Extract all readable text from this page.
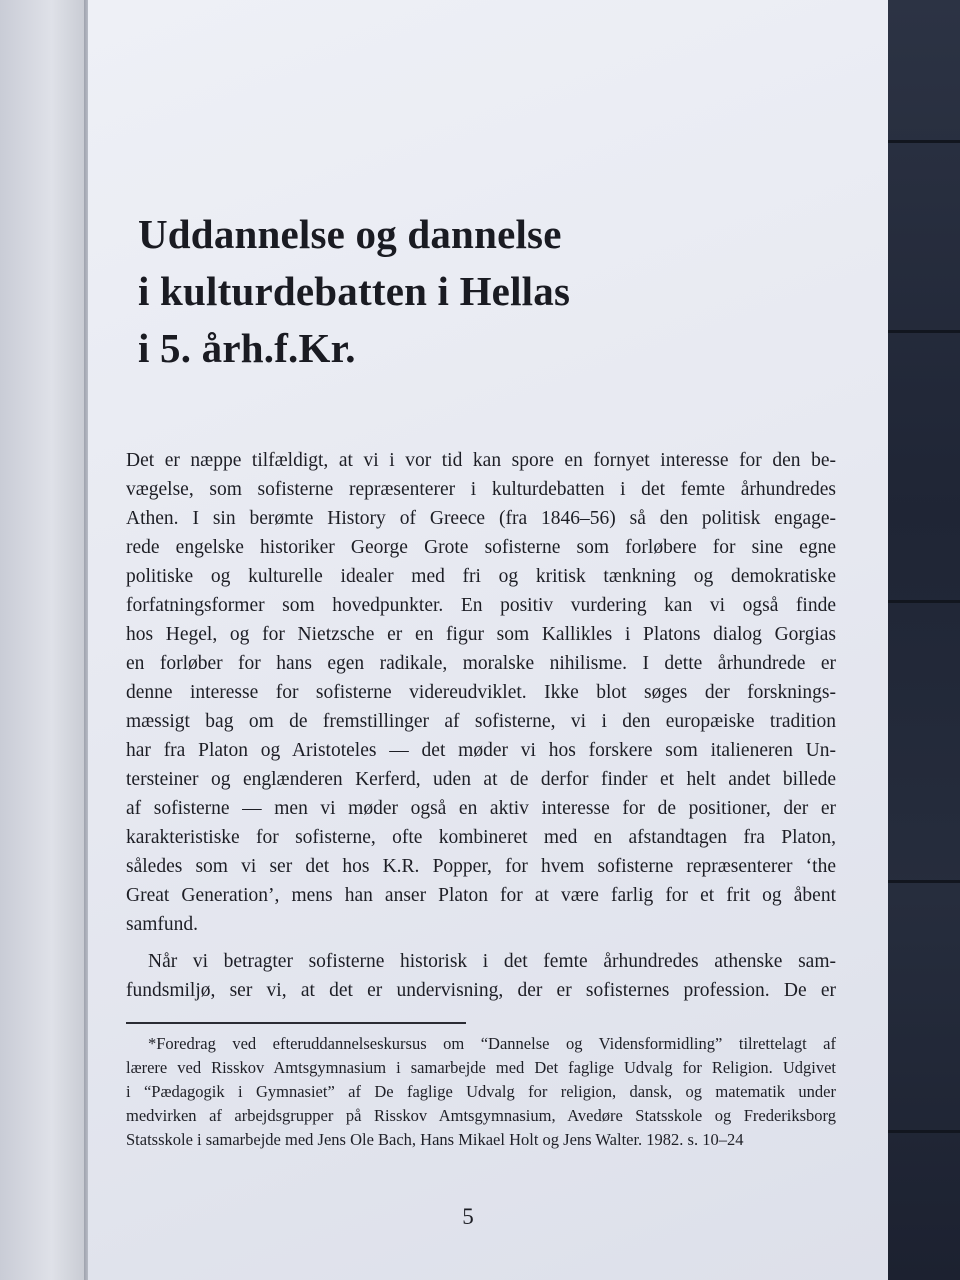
Uddannelse og dannelse
i kulturdebatten i Hellas
i 5. årh.f.Kr.
Det er næppe tilfældigt, at vi i vor tid kan spore en fornyet interesse for den be-
vægelse, som sofisterne repræsenterer i kulturdebatten i det femte århundredes
Athen. I sin berømte History of Greece (fra 1846–56) så den politisk engage-
rede engelske historiker George Grote sofisterne som forløbere for sine egne
politiske og kulturelle idealer med fri og kritisk tænkning og demokratiske
forfatningsformer som hovedpunkter. En positiv vurdering kan vi også finde
hos Hegel, og for Nietzsche er en figur som Kallikles i Platons dialog Gorgias
en forløber for hans egen radikale, moralske nihilisme. I dette århundrede er
denne interesse for sofisterne videreudviklet. Ikke blot søges der forsknings-
mæssigt bag om de fremstillinger af sofisterne, vi i den europæiske tradition
har fra Platon og Aristoteles — det møder vi hos forskere som italieneren Un-
tersteiner og englænderen Kerferd, uden at de derfor finder et helt andet billede
af sofisterne — men vi møder også en aktiv interesse for de positioner, der er
karakteristiske for sofisterne, ofte kombineret med en afstandtagen fra Platon,
således som vi ser det hos K.R. Popper, for hvem sofisterne repræsenterer ‘the
Great Generation’, mens han anser Platon for at være farlig for et frit og åbent
samfund.
Når vi betragter sofisterne historisk i det femte århundredes athenske sam-
fundsmiljø, ser vi, at det er undervisning, der er sofisternes profession. De er
*Foredrag ved efteruddannelseskursus om “Dannelse og Vidensformidling” tilrettelagt af
lærere ved Risskov Amtsgymnasium i samarbejde med Det faglige Udvalg for Religion. Udgivet
i “Pædagogik i Gymnasiet” af De faglige Udvalg for religion, dansk, og matematik under
medvirken af arbejdsgrupper på Risskov Amtsgymnasium, Avedøre Statsskole og Frederiksborg
Statsskole i samarbejde med Jens Ole Bach, Hans Mikael Holt og Jens Walter. 1982. s. 10–24
5
